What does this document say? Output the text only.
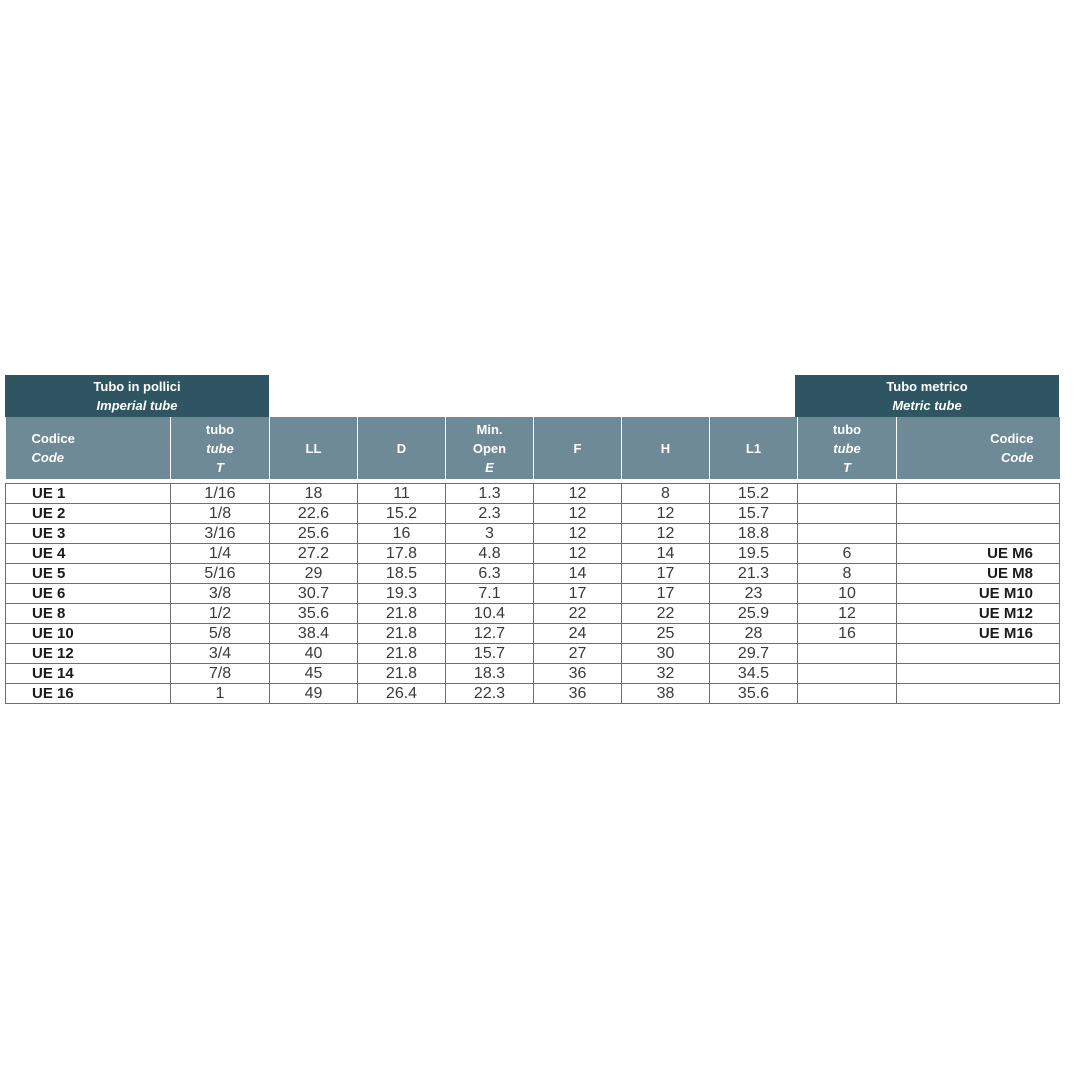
Tubo in pollici
Imperial tube
Tubo metrico
Metric tube
Codice
Code	tubo
tube
T	LL	D	Min.
Open
E	F	H	L1	tubo
tube
T	Codice
Code

UE 1	1/16	18	11	1.3	12	8	15.2		
UE 2	1/8	22.6	15.2	2.3	12	12	15.7		
UE 3	3/16	25.6	16	3	12	12	18.8		
UE 4	1/4	27.2	17.8	4.8	12	14	19.5	6	UE M6
UE 5	5/16	29	18.5	6.3	14	17	21.3	8	UE M8
UE 6	3/8	30.7	19.3	7.1	17	17	23	10	UE M10
UE 8	1/2	35.6	21.8	10.4	22	22	25.9	12	UE M12
UE 10	5/8	38.4	21.8	12.7	24	25	28	16	UE M16
UE 12	3/4	40	21.8	15.7	27	30	29.7		
UE 14	7/8	45	21.8	18.3	36	32	34.5		
UE 16	1	49	26.4	22.3	36	38	35.6		
